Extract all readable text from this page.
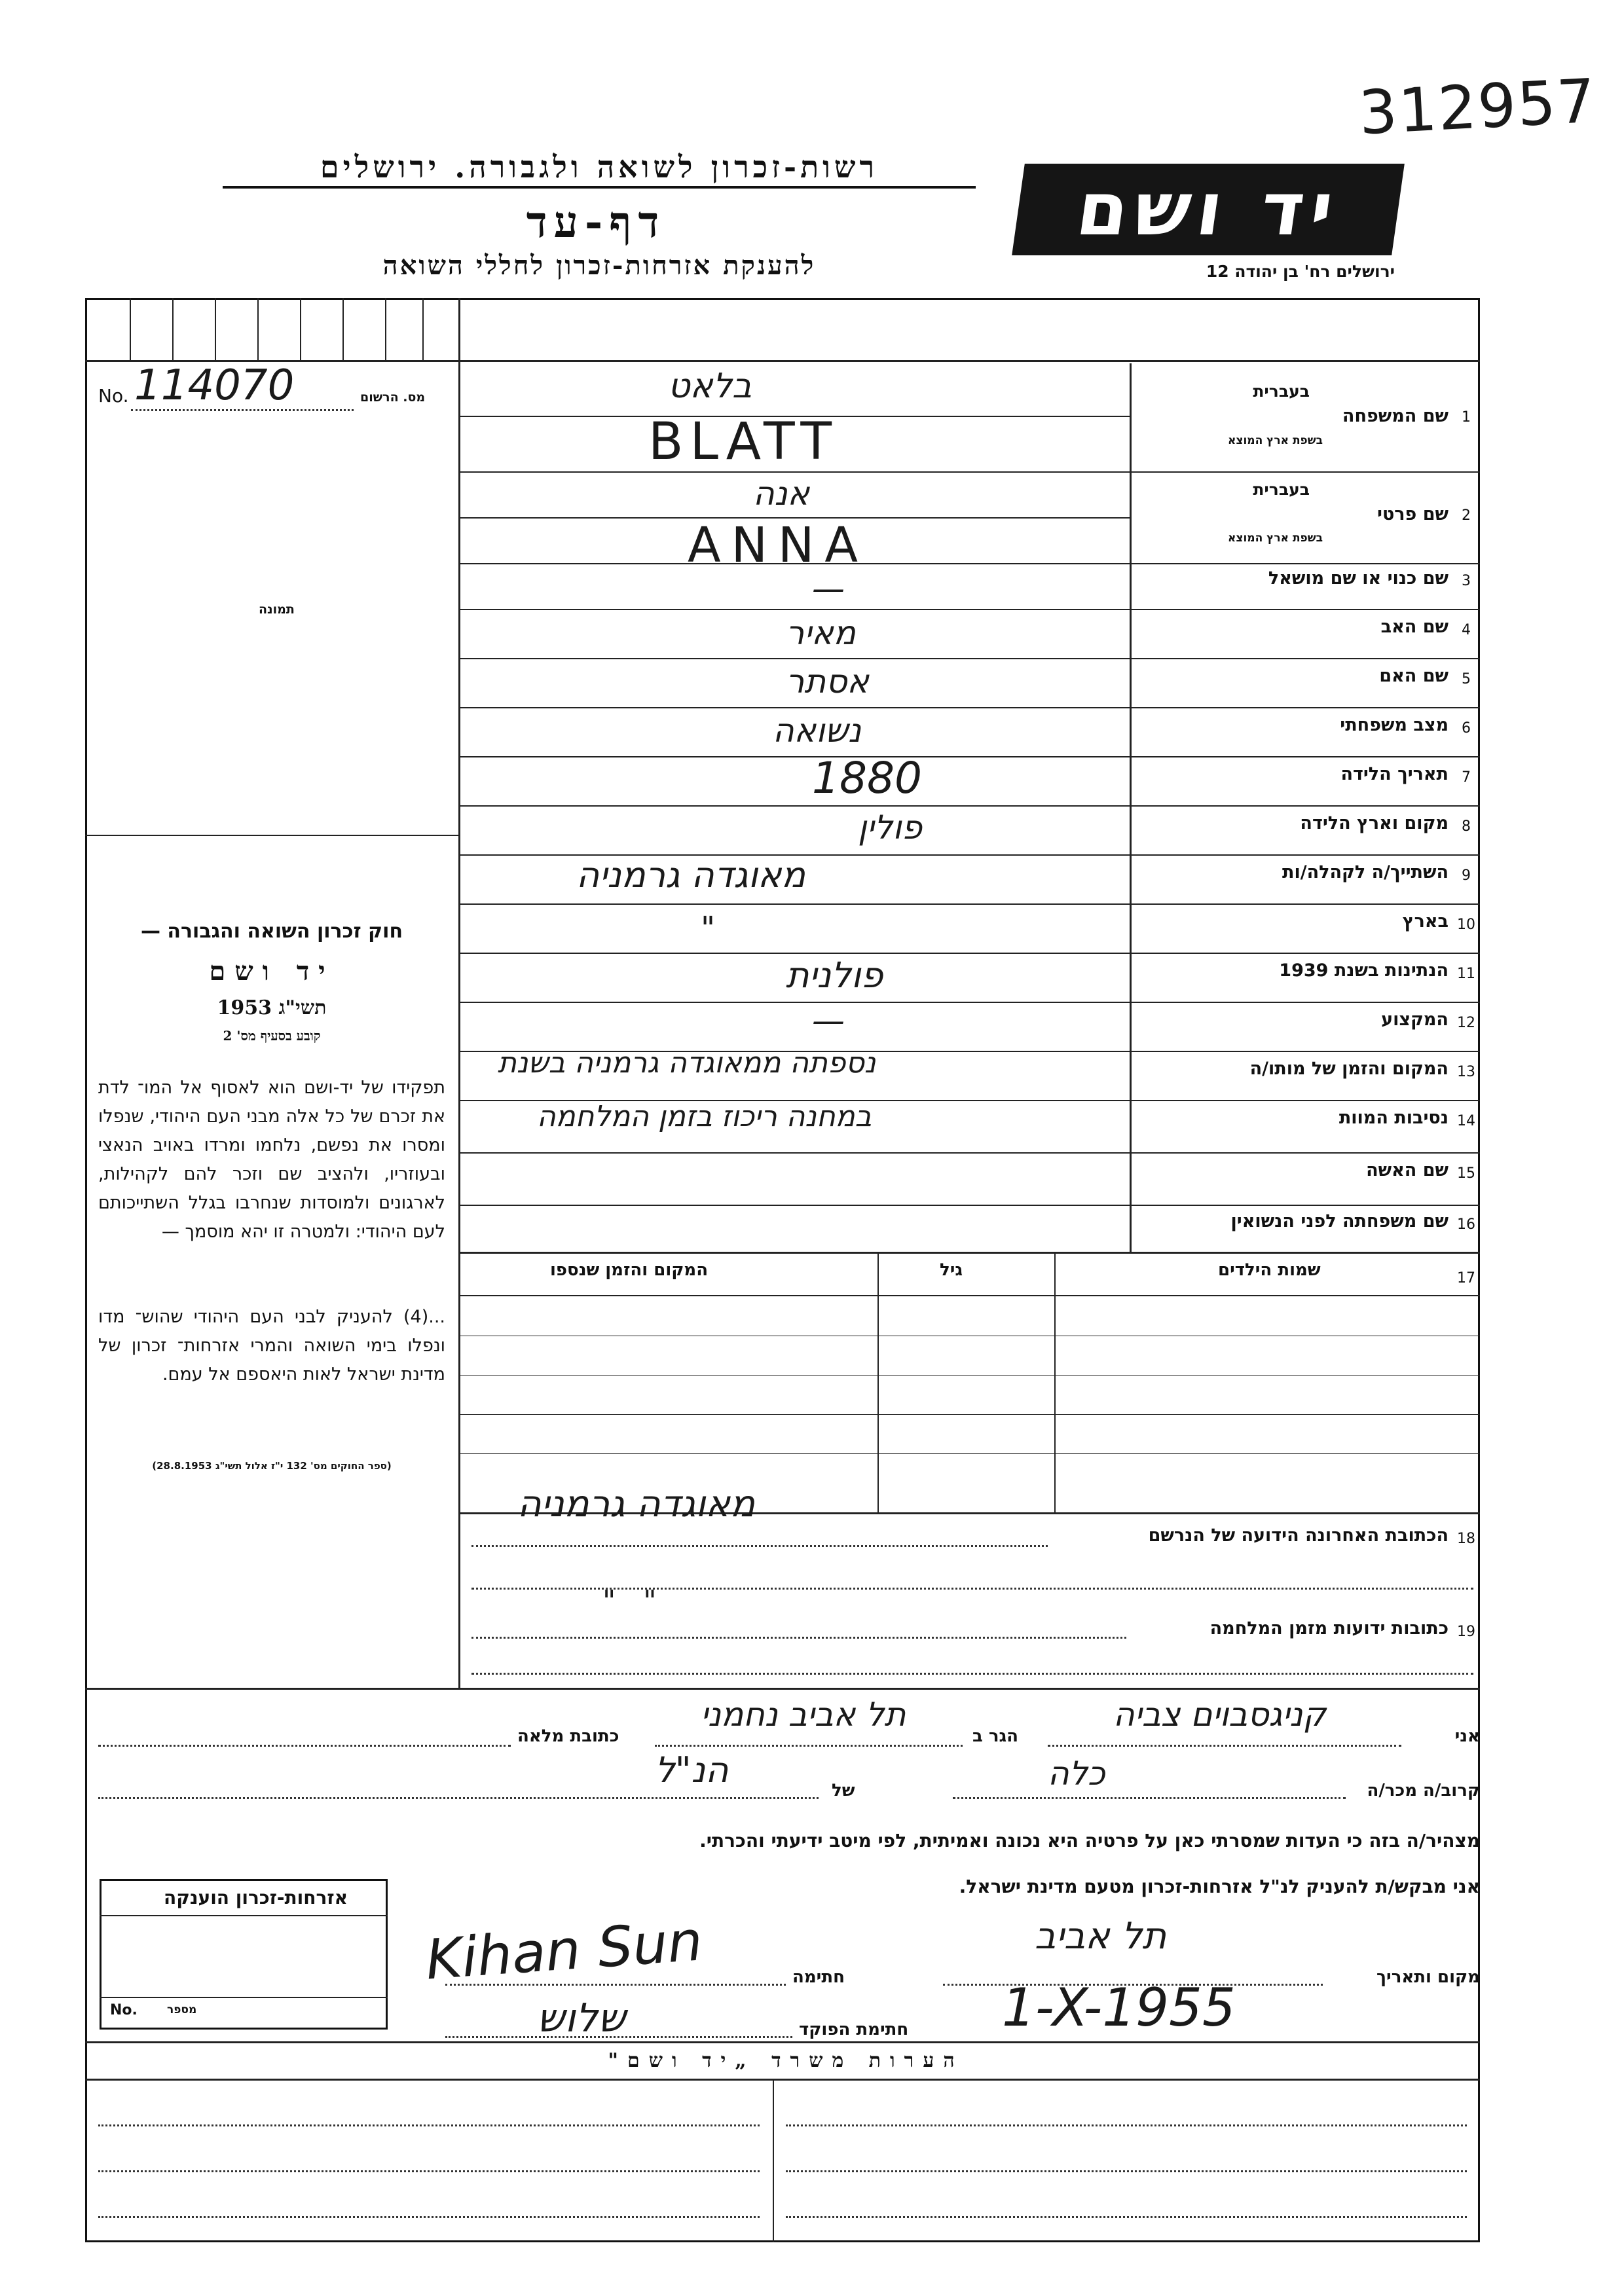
312957
רשות-זכרון לשואה ולגבורה. ירושלים
דף-עד
להענקת אזרחות-זכרון לחללי השואה
יד ושם
ירושלים רח' בן יהודה 12
No. 114070	מס. הרשום
תמונה
חוק זכרון השואה והגבורה —
יד ושם
תשי"ג 1953
קובע בסעיף מס' 2
תפקידו של יד-ושם הוא לאסוף אל המו־ לדת את זכרם של כל אלה מבני העם היהודי, שנפלו ומסרו את נפשם, נלחמו ומרדו באויב הנאצי ובעוזריו, ולהציב שם וזכר להם לקהילות, לארגונים ולמוסדות שנחרבו בגלל השתייכותם לעם היהודי: ולמטרה זו יהא מוסמך —
...(4) להעניק לבני העם היהודי שהוש־ מדו ונפלו בימי השואה והמרי אזרחות־ זכרון של מדינת ישראל לאות היאספם אל עמם.
(ספר החוקים מס' 132 י"ז אלול תשי"ג 28.8.1953)
1
שם המשפחה
בעברית
בשפת ארץ המוצא
בלאט
BLATT
2
שם פרטי
בעברית
בשפת ארץ המוצא
אנה
ANNA
3
שם כנוי או שם מושאל
—
4
שם האב
מאיר
5
שם האם
אסתר
6
מצב משפחתי
נשואה
7
תאריך הלידה
1880
8
מקום וארץ הלידה
פולין
9
השתייך/ה לקהלה/ות
מאוגדה גרמניה
10
בארץ
"
11
הנתינות בשנת 1939
פולנית
12
המקצוע
—
13
המקום והזמן של מותו/ה
נספתה ממאוגדה גרמניה בשנת
14
נסיבות המוות
במחנה ריכוז בזמן המלחמה
15
שם האשה
16
שם משפחתה לפני הנשואין
17
שמות הילדים
גיל
המקום והזמן שנספו
18
הכתובת האחרונה הידועה של הנרשם
מאוגדה גרמניה
19
כתובות ידועות מזמן המלחמה
"   "
אני
קניגסבוים צביה
הגר ב
תל אביב נחמני
כתובת מלאה
קרוב/ה מכר/ה
כלה
של
הנ"ל
מצהיר/ה בזה כי העדות שמסרתי כאן על פרטיה היא נכונה ואמיתית, לפי מיטב ידיעתי והכרתי.
אני מבקש/ת להעניק לנ"ל אזרחות-זכרון מטעם מדינת ישראל.
אזרחות-זכרון הוענקה
No.	מספר
מקום ותאריך
תל אביב
1-X-1955
חתימה
Kihan Sun
חתימת הפוקד
שלוש
הערות משרד „יד ושם"
